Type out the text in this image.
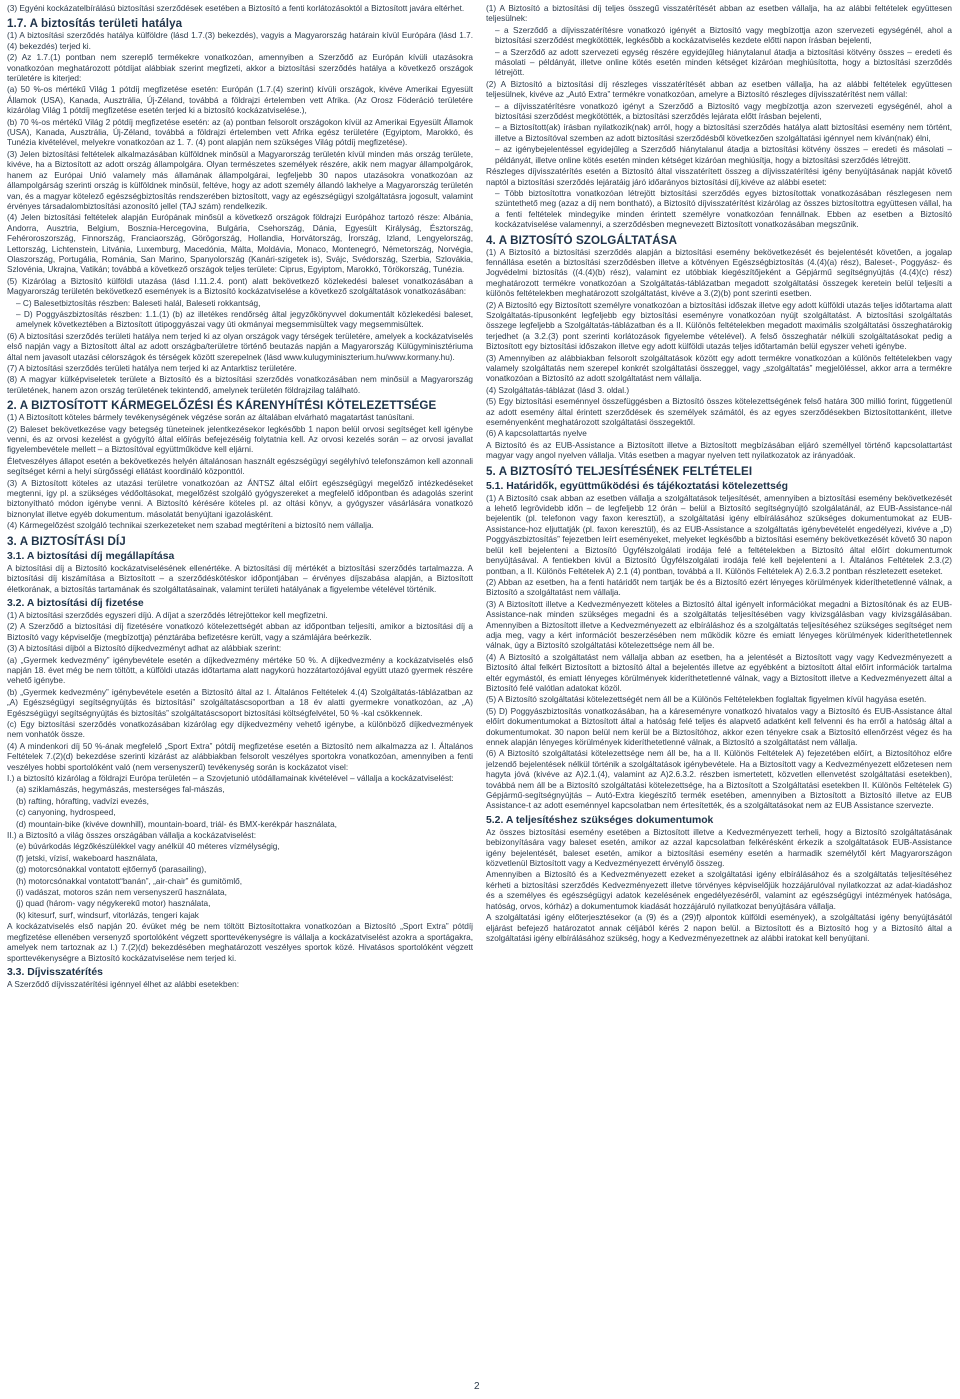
(3) Egyéni kockázatelbírálású biztosítási szerződések esetében a Biztosító a fenti korlátozásoktól a Biztosított javára eltérhet.

1.7. A biztosítás területi hatálya

(1) A biztosítási szerződés hatálya külföldre (lásd 1.7.(3) bekezdés), vagyis a Magyarország határain kívül Európára (lásd 1.7.(4) bekezdés) terjed ki.

(2) Az 1.7.(1) pontban nem szereplő termékekre vonatkozóan, amennyiben a Szerződő az Európán kívüli utazásokra vonatkozóan meghatározott pótdíjat alábbiak szerint megfizeti, akkor a biztosítási szerződés hatálya a következő országok területére is kiterjed:

(a) 50 %-os mértékű Világ 1 pótdíj megfizetése esetén: Európán (1.7.(4) szerint) kívüli országok, kivéve Amerikai Egyesült Államok (USA), Kanada, Ausztrália, Új-Zéland, továbbá a földrajzi értelemben vett Afrika. (Az Orosz Föderáció területére kizárólag Világ 1 pótdíj megfizetése esetén terjed ki a biztosító kockázatviselése.),

(b) 70 %-os mértékű Világ 2 pótdíj megfizetése esetén: az (a) pontban felsorolt országokon kívül az Amerikai Egyesült Államok (USA), Kanada, Ausztrália, Új-Zéland, továbbá a földrajzi értelemben vett Afrika egész területére (Egyiptom, Marokkó, és Tunézia kivételével, melyekre vonatkozóan az 1. 7. (4) pont alapján nem szükséges Világ pótdíj megfizetése).

(3) Jelen biztosítási feltételek alkalmazásában külföldnek minősül a Magyarország területén kívül minden más ország területe, kivéve, ha a Biztosított az adott ország állampolgára. Olyan természetes személyek részére, akik nem magyar állampolgárok, hanem az Európai Unió valamely más államának állampolgárai, legfeljebb 30 napos utazásokra vonatkozóan az állampolgárság szerinti ország is külföldnek minősül, feltéve, hogy az adott személy állandó lakhelye a Magyarország területén van, és a magyar kötelező egészségbiztosítás rendszerében biztosított, vagy az egészségügyi szolgáltatásra jogosult, valamint érvényes társadalombiztosítási azonosító jellel (TAJ szám) rendelkezik.

(4) Jelen biztosítási feltételek alapján Európának minősül a következő országok földrajzi Európához tartozó része: Albánia, Andorra, Ausztria, Belgium, Bosznia-Hercegovina, Bulgária, Csehország, Dánia, Egyesült Királyság, Észtország, Fehéroroszország, Finnország, Franciaország, Görögország, Hollandia, Horvátország, Írország, Izland, Lengyelország, Lettország, Lichtenstein, Litvánia, Luxemburg, Macedónia, Málta, Moldávia, Monaco, Montenegró, Németország, Norvégia, Olaszország, Portugália, Románia, San Marino, Spanyolország (Kanári-szigetek is), Svájc, Svédország, Szerbia, Szlovákia, Szlovénia, Ukrajna, Vatikán; továbbá a következő országok teljes területe: Ciprus, Egyiptom, Marokkó, Törökország, Tunézia.

(5) Kizárólag a Biztosító külföldi utazása (lásd I.11.2.4. pont) alatt bekövetkező közlekedési baleset vonatkozásában a Magyarország területén bekövetkező események is a Biztosító kockázatviselése a következő szolgáltatások vonatkozásában:

– C) Balesetbiztosítás részben: Baleseti halál, Baleseti rokkantság,

– D) Poggyászbiztosítás részben: 1.1.(1) (b) az illetékes rendőrség által jegyzőkönyvvel dokumentált közlekedési baleset, amelynek következtében a Biztosított útipoggyászai vagy úti okmányai megsemmisültek vagy megsemmisültek.

(6) A biztosítási szerződés területi hatálya nem terjed ki az olyan országok vagy térségek területére, amelyek a kockázatviselés első napján vagy a Biztosított által az adott országba/területre történő beutazás napján a Magyarország Külügyminisztériuma által nem javasolt utazási célországok és térségek között szerepelnek (lásd www.kulugyminiszterium.hu/www.kormany.hu).

(7) A biztosítási szerződés területi hatálya nem terjed ki az Antarktisz területére.

(8) A magyar külképviseletek területe a Biztosító és a biztosítási szerződés vonatkozásában nem minősül a Magyarország területének, hanem azon ország területének tekintendő, amelynek területén földrajzilag található.

2. A BIZTOSÍTOTT KÁRMEGELŐZÉSI ÉS KÁRENYHÍTÉSI KÖTELEZETTSÉGE

(1) A Biztosított köteles bármely tevékenységének végzése során az általában elvárható magatartást tanúsítani.

(2) Baleset bekövetkezése vagy betegség tüneteinek jelentkezésekor legkésőbb 1 napon belül orvosi segítséget kell igénybe venni, és az orvosi kezelést a gyógyító által előírás befejezéséig folytatnia kell. Az orvosi kezelés során – az orvosi javallat figyelembevétele mellett – a Biztosítóval együttműködve kell eljárni.

Életveszélyes állapot esetén a bekövetkezés helyén általánosan használt egészségügyi segélyhívó telefonszámon kell azonnali segítséget kérni a helyi sürgősségi ellátást koordináló központtól.

(3) A Biztosított köteles az utazási területre vonatkozóan az ÁNTSZ által előírt egészségügyi megelőző intézkedéseket megtenni, így pl. a szükséges védőoltásokat, megelőzést szolgáló gyógyszereket a megfelelő időpontban és adagolás szerint biztonyítható módon igénybe venni. A Biztosító kérésére köteles pl. az oltási könyv, a gyógyszer vásárlására vonatkozó biznonylat illetve egyéb dokumentum. másolatát benyújtani igazolásként.

(4) Kármegelőzést szolgáló technikai szerkezeteket nem szabad megtéríteni a biztosító nem vállalja.

3. A BIZTOSÍTÁSI DÍJ
3.1. A biztosítási díj megállapítása

A biztosítási díj a Biztosító kockázatviselésének ellenértéke. A biztosítási díj mértékét a biztosítási szerződés tartalmazza. A biztosítási díj kiszámítása a Biztosított – a szerződéskötéskor időpontjában – érvényes díjszabása alapján, a Biztosított életkorának, a biztosítás tartamának és szolgáltatásainak, valamint területi hatályának a figyelembe vételével történik.

3.2. A biztosítási díj fizetése

(1) A biztosítási szerződés egyszeri díjú. A díjat a szerződés létrejöttekor kell megfizetni.

(2) A Szerződő a biztosítási díj fizetésére vonatkozó kötelezettségét abban az időpontban teljesíti, amikor a biztosítási díj a Biztosító vagy képviselője (megbízottja) pénztárába befizetésre került, vagy a számlájára beérkezik.

(3) A biztosítási díjból a Biztosító díjkedvezményt adhat az alábbiak szerint:

(a) „Gyermek kedvezmény” igénybevétele esetén a díjkedvezmény mértéke 50 %. A díjkedvezmény a kockázatviselés első napján 18. évet még be nem töltött, a külföldi utazás időtartama alatt nagykorú hozzátartozójával együtt utazó gyermek részére vehető igénybe.

(b) „Gyermek kedvezmény” igénybevétele esetén a Biztosító által az I. Általános Feltételek 4.(4) Szolgáltatás-táblázatban az „A) Egészségügyi segítségnyújtás és biztosítási” szolgáltatáscsoportban a 18 év alatti gyermekre vonatkozóan, az „A) Egészségügyi segítségnyújtás és biztosítás” szolgáltatáscsoport biztosítási költségfelvétel, 50 % -kal csökkennek.

(c) Egy biztosítási szerződés vonatkozásában kizárólag egy díjkedvezmény vehető igénybe, a különböző díjkedvezmények nem vonhatók össze.

(4) A mindenkori díj 50 %-ának megfelelő „Sport Extra” pótdíj megfizetése esetén a Biztosító nem alkalmazza az I. Általános Feltételek 7.(2)(d) bekezdése szerinti kizárást az alábbiakban felsorolt veszélyes sportokra vonatkozóan, amennyiben a fenti veszélyes hobbi sportolóként való (nem versenyszerű) tevékenység során is kockázatot visel:

I.) a biztosító kizárólag a földrajzi Európa területén – a Szovjetunió utódállamainak kivételével – vállalja a kockázatviselést:

(a) sziklamászás, hegymászás, mesterséges fal-mászás,

(b) rafting, hórafting, vadvízi evezés,

(c) canyoning, hydrospeed,

(d) mountain-bike (kivéve downhill), mountain-board, triál- és BMX-kerékpár használata,

II.) a Biztosító a világ összes országában vállalja a kockázatviselést:

(e) búvárkodás légzőkészülékkel vagy anélkül 40 méteres vízmélységig,

(f) jetski, vízisí, wakeboard használata,

(g) motorcsónakkal vontatott ejtőernyő (parasailing),

(h) motorcsónakkal vontatott“banán”, „air-chair” és gumitömlő,

(i) vadászat, motoros szán nem versenyszerű használata,

(j) quad (három- vagy négykerekű motor) használata,

(k) kitesurf, surf, windsurf, vitorlázás, tengeri kajak

A kockázatviselés első napján 20. évüket még be nem töltött Biztosítottakra vonatkozóan a Biztosító „Sport Extra” pótdíj megfizetése ellenében versenyző sportolóként végzett sporttevékenységre is vállalja a kockázatviselést azokra a sportágakra, amelyek nem tartoznak az I.) 7.(2)(d) bekezdésében meghatározott veszélyes sportok közé. Hivatásos sportolóként végzett sporttevékenységre a Biztosító kockázatviselése nem terjed ki.

3.3. Díjvisszatérítés

A Szerződő díjvisszatérítési igénnyel élhet az alábbi esetekben:

(1) A Biztosító a biztosítási díj teljes összegű visszatérítését abban az esetben vállalja, ha az alábbi feltételek együttesen teljesülnek:

– a Szerződő a díjvisszatérítésre vonatkozó igényét a Biztosító vagy megbízottja azon szervezeti egységénél, ahol a biztosítási szerződést megkötötték, legkésőbb a kockázatviselés kezdete előtti napon írásban bejelenti,

– a Szerződő az adott szervezeti egység részére egyidejűleg hiánytalanul átadja a biztosítási kötvény összes – eredeti és másolati – példányát, illetve online kötés esetén minden kétséget kizáróan meghiúsította, hogy a biztosítási szerződés létrejött.

(2) A Biztosító a biztosítási díj részleges visszatérítését abban az esetben vállalja, ha az alábbi feltételek együttesen teljesülnek, kivéve az „Autó Extra” termékre vonatkozóan, amelyre a Biztosító részleges díjvisszatérítést nem vállal:

– a díjvisszatérítésre vonatkozó igényt a Szerződő a Biztosító vagy megbízottja azon szervezeti egységénél, ahol a biztosítási szerződést megkötötték, a biztosítási szerződés lejárata előtt írásban bejelenti,

– a Biztosított(ak) írásban nyilatkozik(nak) arról, hogy a biztosítási szerződés hatálya alatt biztosítási esemény nem történt, illetve a Biztosítóval szemben az adott biztosítási szerződésből következően szolgáltatási igénnyel nem kíván(nak) élni,

– az igénybejelentéssel egyidejűleg a Szerződő hiánytalanul átadja a biztosítási kötvény összes – eredeti és másolati – példányát, illetve online kötés esetén minden kétséget kizáróan meghiúsítja, hogy a biztosítási szerződés létrejött.

Részleges díjvisszatérítés esetén a Biztosító által visszatérített összeg a díjvisszatérítési igény benyújtásának napját követő naptól a biztosítási szerződés lejáratáig járó időarányos biztosítási díj,kivéve az alábbi esetet:

– Több biztosítottra vonatkozóan létrejött biztosítási szerződés egyes biztosítottak vonatkozásában részlegesen nem szüntethető meg (azaz a díj nem bontható), a Biztosító díjvisszatérítést kizárólag az összes biztosítottra együttesen vállal, ha a fenti feltételek mindegyike minden érintett személyre vonatkozóan fennállnak. Ebben az esetben a Biztosító kockázatviselése valamennyi, a szerződésben megnevezett Biztosított vonatkozásában megszűnik.

4. A BIZTOSÍTÓ SZOLGÁLTATÁSA

(1) A Biztosító a biztosítási szerződés alapján a biztosítási esemény bekövetkezését és bejelentését követően, a jogalap fennállása esetén a biztosítási szerződésben illetve a kötvényen Egészségbiztosítás (4.(4)(a) rész), Baleset-, Poggyász- és Jogvédelmi biztosítás ((4.(4)(b) rész), valamint ez utóbbiak kiegészítőjeként a Gépjármű segítségnyújtás (4.(4)(c) rész) meghatározott termékre vonatkozóan a Szolgáltatás-táblázatban megadott szolgáltatási összegek keretein belül teljesíti a különös feltételekben meghatározott szolgáltatást, kivéve a 3.(2)(b) pont szerinti esetben.

(2) A Biztosító egy Biztosított személyre vonatkozóan a biztosítási időszak illetve egy adott külföldi utazás teljes időtartama alatt Szolgáltatás-típusonként legfeljebb egy biztosítási eseményre vonatkozóan nyújt szolgáltatást. A biztosítási szolgáltatás összege legfeljebb a Szolgáltatás-táblázatban és a II. Különös feltételekben megadott maximális szolgáltatási összeghatárokig terjedhet (a 3.2.(3) pont szerinti korlátozások figyelembe vételével). A felső összeghatár nélküli szolgáltatásokat pedig a Biztosított egy biztosítási időszakon illetve egy adott külföldi utazás teljes időtartamán belül egyszer veheti igénybe.

(3) Amennyiben az alábbiakban felsorolt szolgáltatások között egy adott termékre vonatkozóan a különös feltételekben vagy valamely szolgáltatás nem szerepel konkrét szolgáltatási összeggel, vagy „szolgáltatás” megjelöléssel, akkor arra a termékre vonatkozóan a Biztosító az adott szolgáltatást nem vállalja.

(4) Szolgáltatás-táblázat (lásd 3. oldal.)

(5) Egy biztosítási eseménnyel összefüggésben a Biztosító összes kötelezettségének felső határa 300 millió forint, függetlenül az adott esemény által érintett szerződések és személyek számától, és az egyes szerződésekben Biztosítottanként, illetve eseményenként meghatározott szolgáltatási összegektől.

(6) A kapcsolattartás nyelve

A Biztosító és az EUB-Assistance a Biztosított illetve a Biztosított megbízásában eljáró személlyel történő kapcsolattartást magyar vagy angol nyelven vállalja. Vitás esetben a magyar nyelven tett nyilatkozatok az irányadóak.

5. A BIZTOSÍTÓ TELJESÍTÉSÉNEK FELTÉTELEI
5.1. Határidők, együttműködési és tájékoztatási kötelezettség

(1) A Biztosító csak abban az esetben vállalja a szolgáltatások teljesítését, amennyiben a biztosítási esemény bekövetkezését a lehető legrövidebb időn – de legfeljebb 12 órán – belül a Biztosító segítségnyújtó szolgálatánál, az EUB-Assistance-nál bejelentik (pl. telefonon vagy faxon keresztül), a szolgáltatási igény elbírálásához szükséges dokumentumokat az EUB-Assistance-hoz eljuttatják (pl. faxon keresztül), és az EUB-Assistance a szolgáltatás igénybevételét engedélyezi, kivéve a „D) Poggyászbiztosítás” fejezetben leírt eseményeket, melyeket legkésőbb a biztosítási esemény bekövetkezését követő 30 napon belül kell bejelenteni a Biztosító Ügyfélszolgálati irodája felé a feltételekben a Biztosító által előírt dokumentumok benyújtásával. A fentiekben kivül a Biztosító Ügyfélszolgálati irodája felé kell bejelenteni a I. Általános Feltételek 2.3.(2) pontban, a II. Különös Feltételek A) 2.1 (4) pontban, továbbá a II. Különös Feltételek A) 2.6.3.2 pontban részletezett eseteket.

(2) Abban az esetben, ha a fenti határidőt nem tartják be és a Biztosító ezért lényeges körülmények kideríthetetlenné válnak, a Biztosító a szolgáltatást nem vállalja.

(3) A Biztosított illetve a Kedvezményezett köteles a Biztosító által igényelt információkat megadni a Biztosítónak és az EUB-Assistance-nak minden szükséges megadni és a szolgáltatás teljesítésében vagy kivizsgálásban vagy kivizsgálásában. Amennyiben a Biztosított illetve a Kedvezményezett az elbíráláshoz és a szolgáltatás teljesítéséhez szükséges segítséget nem adja meg, vagy a kért információt beszerzésében nem működik közre és emiatt lényeges körülmények kideríthetetlennek válnak, úgy a Biztosító szolgáltatási kötelezettsége nem áll be.

(4) A Biztosító a szolgáltatást nem vállalja abban az esetben, ha a jelentését a Biztosított vagy vagy Kedvezményezett a Biztosító által felkért Biztosított a biztosító által a bejelentés illetve az egyébként a biztosított által előírt információk tartalma eltér egymástól, és emiatt lényeges körülmények kideríthetetlenné válnak, vagy a Biztosított illetve a Kedvezményezett által a Biztosító felé valótlan adatokat közöl.

(5) A Biztosító szolgáltatási kötelezettségét nem áll be a Különös Feltételekben foglaltak figyelmen kívül hagyása esetén.

(5) D) Poggyászbiztosítás vonatkozásában, ha a káreseményre vonatkozó hivatalos vagy a Biztosító és EUB-Assistance által előírt dokumentumokat a Biztosított által a hatóság felé teljes és alapvető adatként kell felvenni és ha erről a hatóság által a dokumentumokat. 30 napon belül nem kerül be a Biztosítóhoz, akkor ezen tényekre csak a Biztosító ellenőrzést végez és ha ennek alapján lényeges körülmények kideríthetetlenné válnak, a Biztosító a szolgáltatást nem vállalja.

(6) A Biztosító szolgáltatási kötelezettsége nem áll be, ha a II. Különös Feltételek A) fejezetében előírt, a Biztosítóhoz előre jelzendő bejelentések nélkül történik a szolgáltatások igénybevétele. Ha a Biztosított vagy a Kedvezményezett előzetesen nem hagyta jóvá (kivéve az A)2.1.(4), valamint az A)2.6.3.2. részben ismertetett, közvetlen ellenvetést szolgáltatási esetekben), továbbá nem áll be a Biztosító szolgáltatási kötelezettsége, ha a Biztosított a Szolgáltatási esetekben II. Különös Feltételek G) Gépjármű-segítségnyújtás – Autó-Extra kiegészítő termék esetében, amennyiben a Biztosított a Biztosító illetve az EUB Assistance-t az adott eseménnyel kapcsolatban nem értesítették, és a szolgáltatásokat nem az EUB Assistance szervezte.

5.2. A teljesítéshez szükséges dokumentumok

Az összes biztosítási esemény esetében a Biztosított illetve a Kedvezményezett terheli, hogy a Biztosító szolgáltatásának bebizonyítására vagy baleset esetén, amikor az azzal kapcsolatban felkérésként érkezik a szolgáltatások EUB-Assistance igény bejelentését, baleset esetén, amikor a biztosítási esemény esetén a harmadik személytől kért Magyarországon közvetlenül Biztosított vagy a Kedvezményezett érvénylő összeg.

Amennyiben a Biztosító és a Kedvezményezett ezeket a szolgáltatási igény elbírálásához és a szolgáltatás teljesítéséhez kérheti a biztosítási szerződés Kedvezményezett illetve törvényes képviselőjük hozzájárulóval nyilatkozzat az adat-kiadáshoz és a személyes és egészségügyi adatok kezelésének engedélyezéséről, valamint az egészségügyi intézmények hatósága, hatóság, orvos, kórház) a dokumentumok kiadását hozzájáruló nyilatkozat benyújtására vállalja.

A szolgáltatási igény előterjesztésekor (a (9) és a (29)f) alpontok külföldi események), a szolgáltatási igény benyújtásától eljárást befejező határozatot annak céljából kérés 2 napon belül. a Biztosított és a Biztosító hog y a Biztosító által a szolgáltatási igény elbírálásához szükség, hogy a Kedvezményezettnek az alábbi iratokat kell benyújtani.

2
